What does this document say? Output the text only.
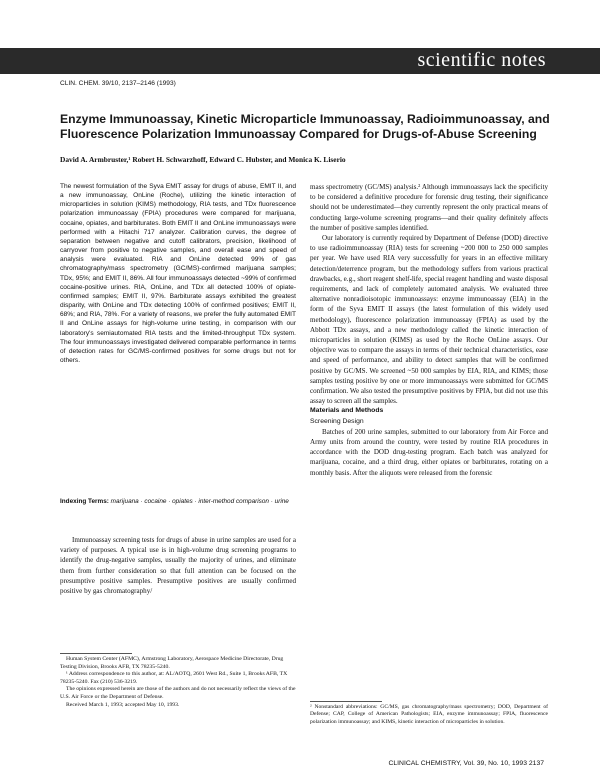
scientific notes
CLIN. CHEM. 39/10, 2137–2146 (1993)
Enzyme Immunoassay, Kinetic Microparticle Immunoassay, Radioimmunoassay, and Fluorescence Polarization Immunoassay Compared for Drugs-of-Abuse Screening
David A. Armbruster,¹ Robert H. Schwarzhoff, Edward C. Hubster, and Monica K. Liserio
The newest formulation of the Syva EMIT assay for drugs of abuse, EMIT II, and a new immunoassay, OnLine (Roche), utilizing the kinetic interaction of microparticles in solution (KIMS) methodology, RIA tests, and TDx fluorescence polarization immunoassay (FPIA) procedures were compared for marijuana, cocaine, opiates, and barbiturates. Both EMIT II and OnLine immunoassays were performed with a Hitachi 717 analyzer. Calibration curves, the degree of separation between negative and cutoff calibrators, precision, likelihood of carryover from positive to negative samples, and overall ease and speed of analysis were evaluated. RIA and OnLine detected 99% of gas chromatography/mass spectrometry (GC/MS)-confirmed marijuana samples; TDx, 95%; and EMIT II, 86%. All four immunoassays detected ~99% of confirmed cocaine-positive urines. RIA, OnLine, and TDx all detected 100% of opiate-confirmed samples; EMIT II, 97%. Barbiturate assays exhibited the greatest disparity, with OnLine and TDx detecting 100% of confirmed positives; EMIT II, 68%; and RIA, 78%. For a variety of reasons, we prefer the fully automated EMIT II and OnLine assays for high-volume urine testing, in comparison with our laboratory's semiautomated RIA tests and the limited-throughput TDx system. The four immunoassays investigated delivered comparable performance in terms of detection rates for GC/MS-confirmed positives for some drugs but not for others.
Indexing Terms: marijuana · cocaine · opiates · inter-method comparison · urine

Immunoassay screening tests for drugs of abuse in urine samples are used for a variety of purposes. A typical use is in high-volume drug screening programs to identify the drug-negative samples, usually the majority of urines, and eliminate them from further consideration so that full attention can be focused on the presumptive positive samples. Presumptive positives are usually confirmed positive by gas chromatography/

Human System Center (AFMC), Armstrong Laboratory, Aerospace Medicine Directorate, Drug Testing Division, Brooks AFB, TX 78235-5240.

¹ Address correspondence to this author, at: AL/AOTQ, 2601 West Rd., Suite 1, Brooks AFB, TX 78235-5240. Fax (210) 536-3219.

The opinions expressed herein are those of the authors and do not necessarily reflect the views of the U.S. Air Force or the Department of Defense.

Received March 1, 1993; accepted May 10, 1993.

mass spectrometry (GC/MS) analysis.² Although immunoassays lack the specificity to be considered a definitive procedure for forensic drug testing, their significance should not be underestimated—they currently represent the only practical means of conducting large-volume screening programs—and their quality definitely affects the number of positive samples identified.

Our laboratory is currently required by Department of Defense (DOD) directive to use radioimmunoassay (RIA) tests for screening ~200 000 to 250 000 samples per year. We have used RIA very successfully for years in an effective military detection/deterrence program, but the methodology suffers from various practical drawbacks, e.g., short reagent shelf-life, special reagent handling and waste disposal requirements, and lack of completely automated analysis. We evaluated three alternative nonradioisotopic immunoassays: enzyme immunoassay (EIA) in the form of the Syva EMIT II assays (the latest formulation of this widely used methodology), fluorescence polarization immunoassay (FPIA) as used by the Abbott TDx assays, and a new methodology called the kinetic interaction of microparticles in solution (KIMS) as used by the Roche OnLine assays. Our objective was to compare the assays in terms of their technical characteristics, ease and speed of performance, and ability to detect samples that will be confirmed positive by GC/MS. We screened ~50 000 samples by EIA, RIA, and KIMS; those samples testing positive by one or more immunoassays were submitted for GC/MS confirmation. We also tested the presumptive positives by FPIA, but did not use this assay to screen all the samples.

Materials and Methods

Screening Design

Batches of 200 urine samples, submitted to our laboratory from Air Force and Army units from around the country, were tested by routine RIA procedures in accordance with the DOD drug-testing program. Each batch was analyzed for marijuana, cocaine, and a third drug, either opiates or barbiturates, rotating on a monthly basis. After the aliquots were released from the forensic

² Nonstandard abbreviations: GC/MS, gas chromatography/mass spectrometry; DOD, Department of Defense; CAP, College of American Pathologists; EIA, enzyme immunoassay; FPIA, fluorescence polarization immunoassay; and KIMS, kinetic interaction of microparticles in solution.
CLINICAL CHEMISTRY, Vol. 39, No. 10, 1993 2137
